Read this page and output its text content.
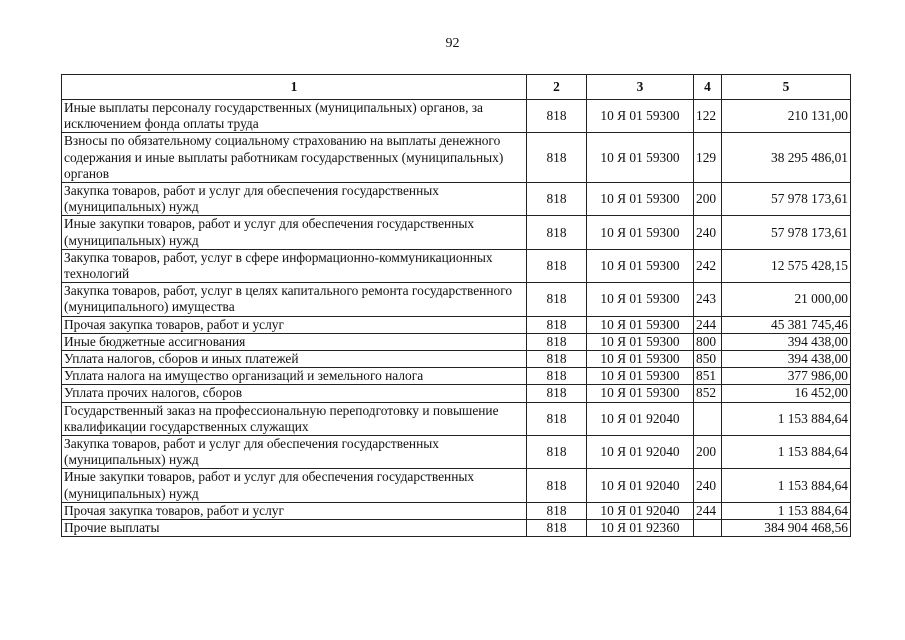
92
1	2	3	4	5
Иные выплаты персоналу государственных (муниципальных) органов, за исключением фонда оплаты труда	818	10 Я 01 59300	122	210 131,00
Взносы по обязательному социальному страхованию на выплаты денежного содержания и иные выплаты работникам государственных (муниципальных) органов	818	10 Я 01 59300	129	38 295 486,01
Закупка товаров, работ и услуг для обеспечения государственных (муниципальных) нужд	818	10 Я 01 59300	200	57 978 173,61
Иные закупки товаров, работ и услуг для обеспечения государственных (муниципальных) нужд	818	10 Я 01 59300	240	57 978 173,61
Закупка товаров, работ, услуг в сфере информационно-коммуникационных технологий	818	10 Я 01 59300	242	12 575 428,15
Закупка товаров, работ, услуг в целях капитального ремонта государственного (муниципального) имущества	818	10 Я 01 59300	243	21 000,00
Прочая закупка товаров, работ и услуг	818	10 Я 01 59300	244	45 381 745,46
Иные бюджетные ассигнования	818	10 Я 01 59300	800	394 438,00
Уплата налогов, сборов и иных платежей	818	10 Я 01 59300	850	394 438,00
Уплата налога на имущество организаций и земельного налога	818	10 Я 01 59300	851	377 986,00
Уплата прочих налогов, сборов	818	10 Я 01 59300	852	16 452,00
Государственный заказ на профессиональную переподготовку и повышение квалификации государственных служащих	818	10 Я 01 92040		1 153 884,64
Закупка товаров, работ и услуг для обеспечения государственных (муниципальных) нужд	818	10 Я 01 92040	200	1 153 884,64
Иные закупки товаров, работ и услуг для обеспечения государственных (муниципальных) нужд	818	10 Я 01 92040	240	1 153 884,64
Прочая закупка товаров, работ и услуг	818	10 Я 01 92040	244	1 153 884,64
Прочие выплаты	818	10 Я 01 92360		384 904 468,56
